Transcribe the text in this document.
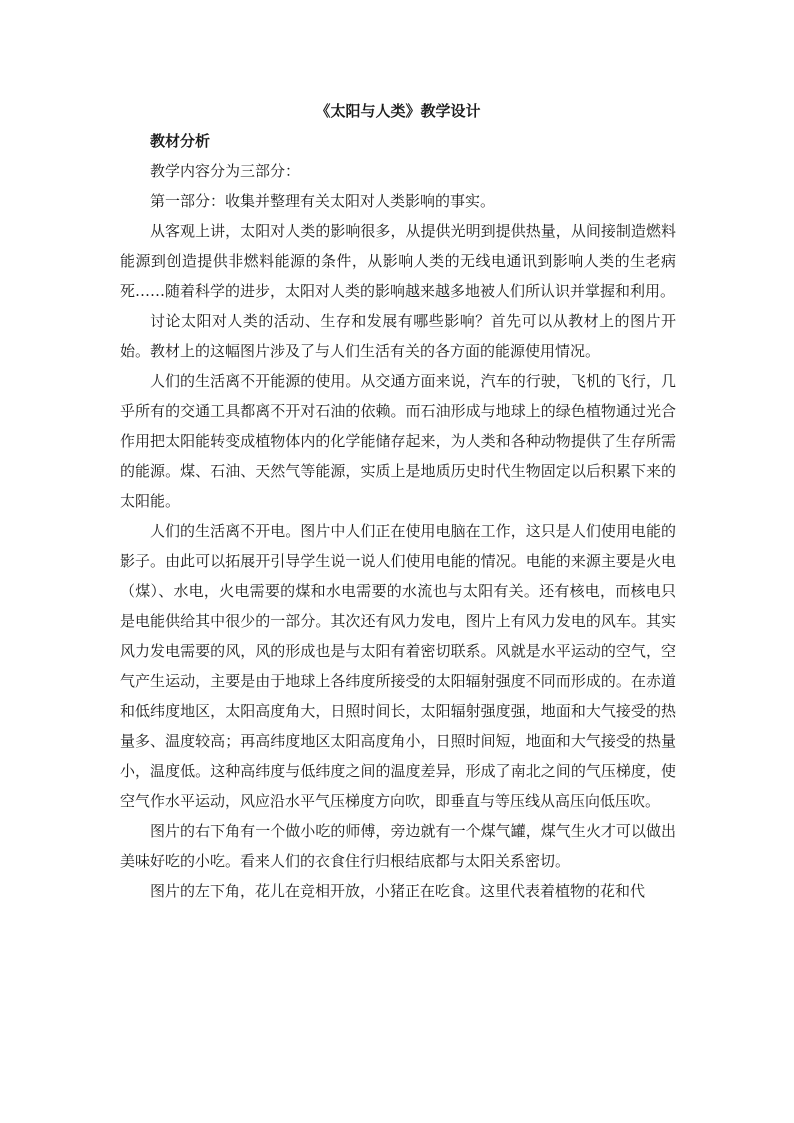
《太阳与人类》教学设计

教材分析

教学内容分为三部分：

第一部分：收集并整理有关太阳对人类影响的事实。

从客观上讲，太阳对人类的影响很多，从提供光明到提供热量，从间接制造燃料能源到创造提供非燃料能源的条件，从影响人类的无线电通讯到影响人类的生老病死……随着科学的进步，太阳对人类的影响越来越多地被人们所认识并掌握和利用。

讨论太阳对人类的活动、生存和发展有哪些影响？首先可以从教材上的图片开始。教材上的这幅图片涉及了与人们生活有关的各方面的能源使用情况。

人们的生活离不开能源的使用。从交通方面来说，汽车的行驶，飞机的飞行，几乎所有的交通工具都离不开对石油的依赖。而石油形成与地球上的绿色植物通过光合作用把太阳能转变成植物体内的化学能储存起来，为人类和各种动物提供了生存所需的能源。煤、石油、天然气等能源，实质上是地质历史时代生物固定以后积累下来的太阳能。

人们的生活离不开电。图片中人们正在使用电脑在工作，这只是人们使用电能的影子。由此可以拓展开引导学生说一说人们使用电能的情况。电能的来源主要是火电（煤）、水电，火电需要的煤和水电需要的水流也与太阳有关。还有核电，而核电只是电能供给其中很少的一部分。其次还有风力发电，图片上有风力发电的风车。其实风力发电需要的风，风的形成也是与太阳有着密切联系。风就是水平运动的空气，空气产生运动，主要是由于地球上各纬度所接受的太阳辐射强度不同而形成的。在赤道和低纬度地区，太阳高度角大，日照时间长，太阳辐射强度强，地面和大气接受的热量多、温度较高；再高纬度地区太阳高度角小，日照时间短，地面和大气接受的热量小，温度低。这种高纬度与低纬度之间的温度差异，形成了南北之间的气压梯度，使空气作水平运动，风应沿水平气压梯度方向吹，即垂直与等压线从高压向低压吹。

图片的右下角有一个做小吃的师傅，旁边就有一个煤气罐，煤气生火才可以做出美味好吃的小吃。看来人们的衣食住行归根结底都与太阳关系密切。

图片的左下角，花儿在竞相开放，小猪正在吃食。这里代表着植物的花和代
